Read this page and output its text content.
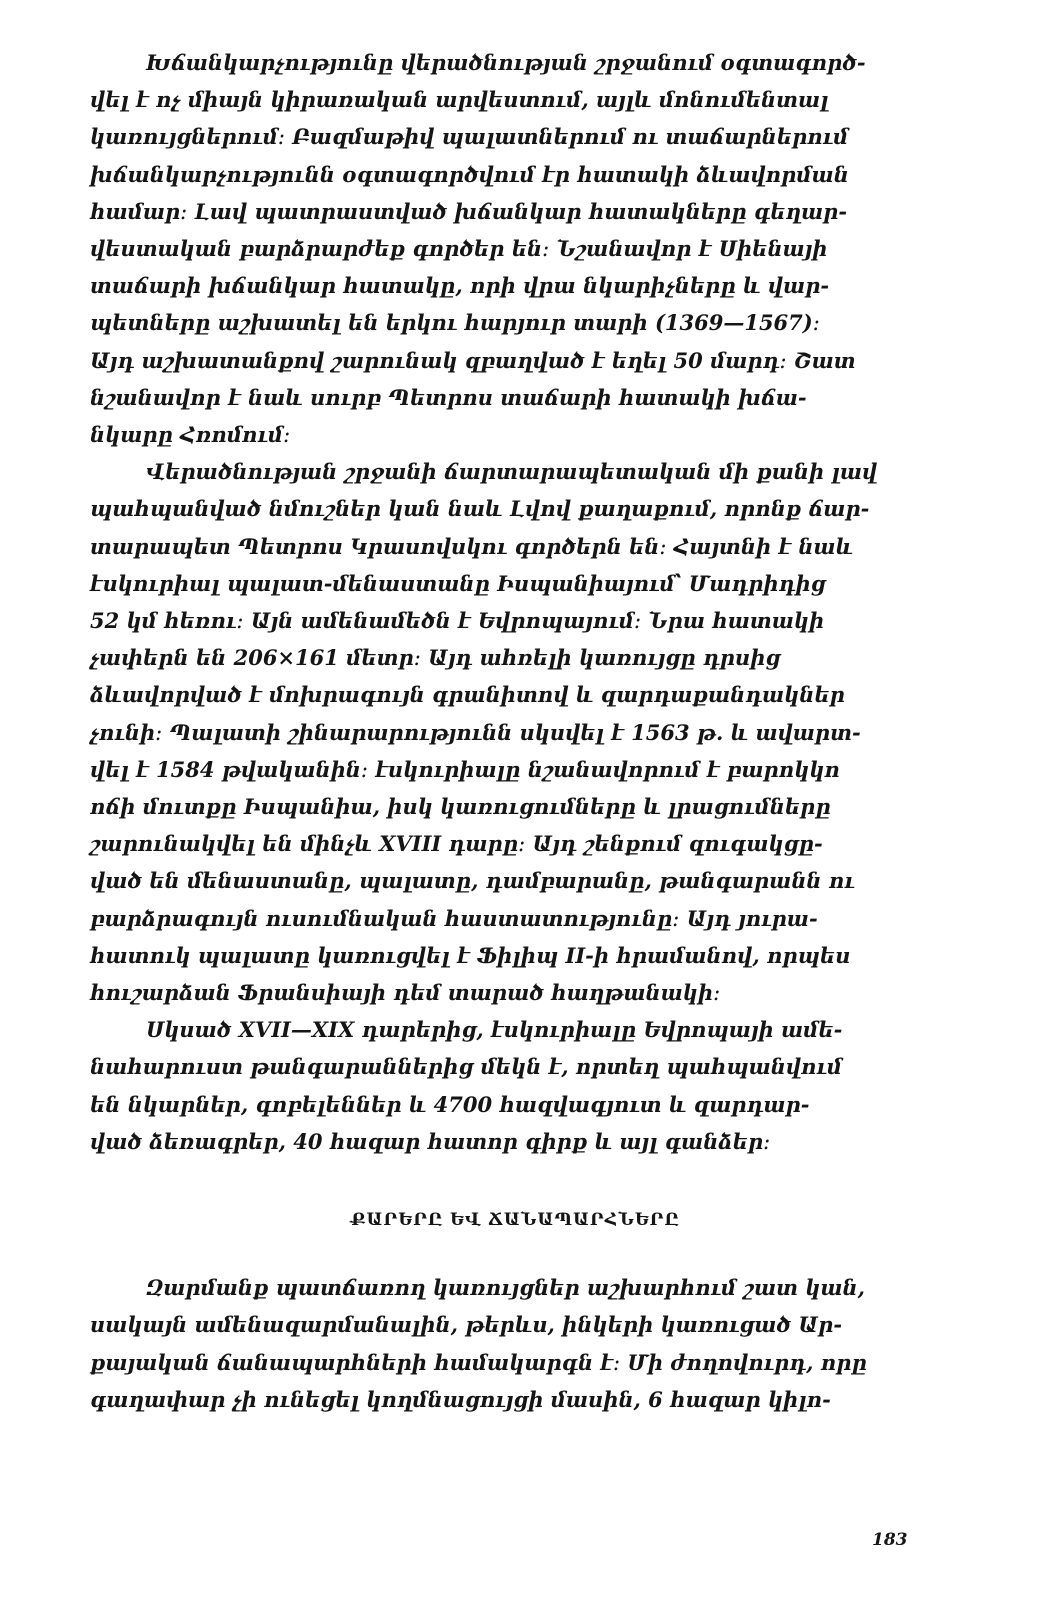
Խճանկարչությունը վերածնության շրջանում օգտագործ-
վել է ոչ միայն կիրառական արվեստում, այլև մոնումենտալ
կառույցներում։ Բազմաթիվ պալատներում ու տաճարներում
խճանկարչությունն օգտագործվում էր հատակի ձևավորման
համար։ Լավ պատրաստված խճանկար հատակները գեղար-
վեստական բարձրարժեք գործեր են։ Նշանավոր է Սիենայի
տաճարի խճանկար հատակը, որի վրա նկարիչները և վար-
պետները աշխատել են երկու հարյուր տարի (1369—1567)։
Այդ աշխատանքով շարունակ զբաղված է եղել 50 մարդ։ Շատ
նշանավոր է նաև սուրբ Պետրոս տաճարի հատակի խճա-
նկարը Հռոմում։

Վերածնության շրջանի ճարտարապետական մի քանի լավ
պահպանված նմուշներ կան նաև Լվով քաղաքում, որոնք ճար-
տարապետ Պետրոս Կրասովսկու գործերն են։ Հայտնի է նաև
էսկուրիալ պալատ-մենաստանը Իսպանիայում՝ Մադրիդից
52 կմ հեռու։ Այն ամենամեծն է Եվրոպայում։ Նրա հատակի
չափերն են 206×161 մետր։ Այդ ահռելի կառույցը դրսից
ձևավորված է մոխրագույն գրանիտով և զարդաքանդակներ
չունի։ Պալատի շինարարությունն սկսվել է 1563 թ. և ավարտ-
վել է 1584 թվականին։ էսկուրիալը նշանավորում է բարոկկո
ոճի մուտքը Իսպանիա, իսկ կառուցումները և լրացումները
շարունակվել են մինչև XVIII դարը։ Այդ շենքում զուգակցը-
ված են մենաստանը, պալատը, դամբարանը, թանգարանն ու
բարձրագույն ուսումնական հաստատությունը։ Այդ յուրա-
հատուկ պալատը կառուցվել է Ֆիլիպ II-ի հրամանով, որպես
հուշարձան Ֆրանսիայի դեմ տարած հաղթանակի։

Սկսած XVII—XIX դարերից, էսկուրիալը Եվրոպայի ամե-
նահարուստ թանգարաններից մեկն է, որտեղ պահպանվում
են նկարներ, գոբելեններ և 4700 հազվագյուտ և զարդար-
ված ձեռագրեր, 40 հազար հատոր գիրք և այլ գանձեր։

ՔԱՐԵՐԸ ԵՎ ՃԱՆԱՊԱՐՀՆԵՐԸ

Զարմանք պատճառող կառույցներ աշխարհում շատ կան,
սակայն ամենազարմանալին, թերևս, ինկերի կառուցած Ար-
քայական ճանապարհների համակարգն է։ Մի ժողովուրդ, որը
գաղափար չի ունեցել կողմնացույցի մասին, 6 հազար կիլո-

183
